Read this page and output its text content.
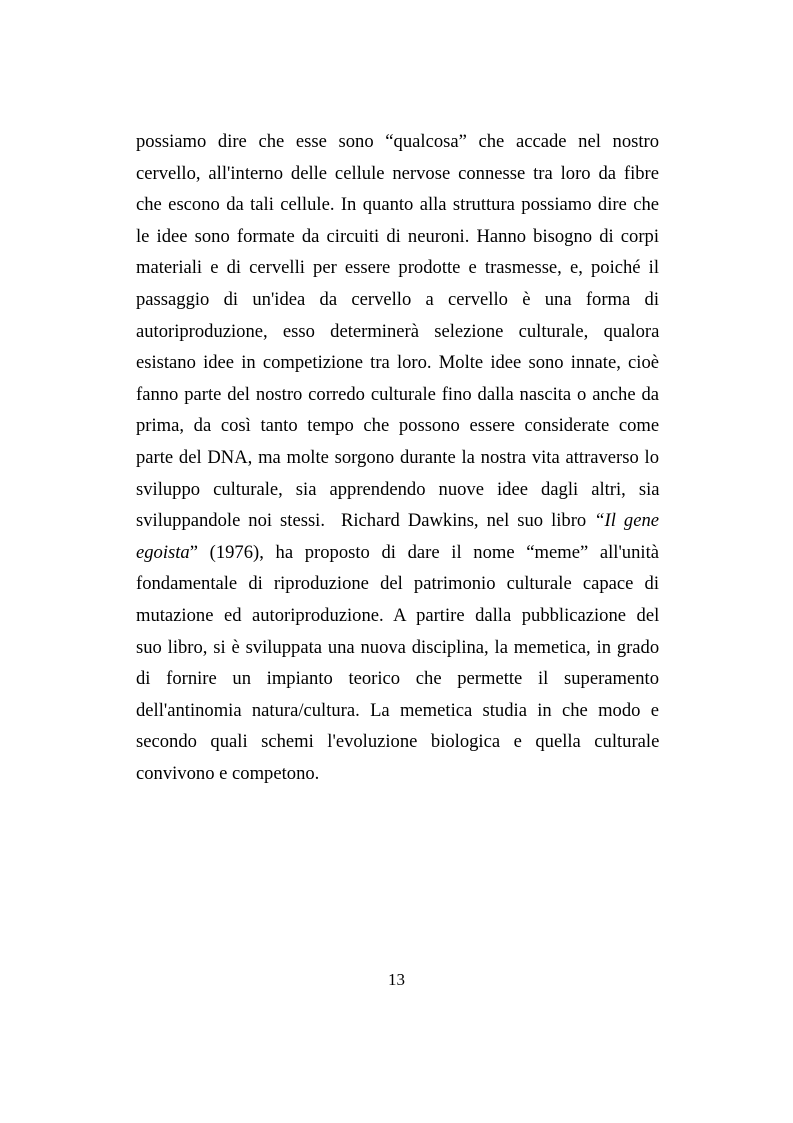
possiamo dire che esse sono “qualcosa” che accade nel nostro
cervello, all'interno delle cellule nervose connesse tra loro da fibre
che escono da tali cellule. In quanto alla struttura possiamo dire che
le idee sono formate da circuiti di neuroni. Hanno bisogno di corpi
materiali e di cervelli per essere prodotte e trasmesse, e, poiché il
passaggio di un'idea da cervello a cervello è una forma di
autoriproduzione, esso determinerà selezione culturale, qualora
esistano idee in competizione tra loro. Molte idee sono innate, cioè
fanno parte del nostro corredo culturale fino dalla nascita o anche da
prima, da così tanto tempo che possono essere considerate come
parte del DNA, ma molte sorgono durante la nostra vita attraverso lo
sviluppo culturale, sia apprendendo nuove idee dagli altri, sia
sviluppandole noi stessi.  Richard Dawkins, nel suo libro “Il gene
egoista” (1976), ha proposto di dare il nome “meme” all'unità
fondamentale di riproduzione del patrimonio culturale capace di
mutazione ed autoriproduzione. A partire dalla pubblicazione del
suo libro, si è sviluppata una nuova disciplina, la memetica, in grado
di fornire un impianto teorico che permette il superamento
dell'antinomia natura/cultura. La memetica studia in che modo e
secondo quali schemi l'evoluzione biologica e quella culturale
convivono e competono.
13
